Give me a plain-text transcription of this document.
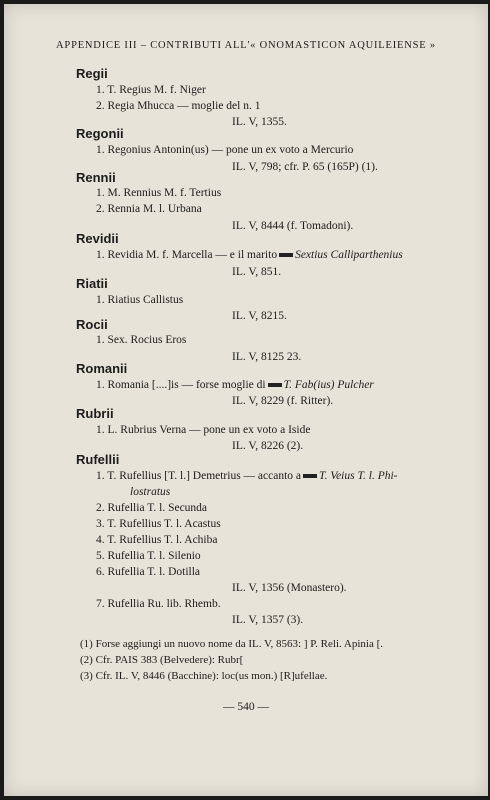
APPENDICE III – CONTRIBUTI ALL'« ONOMASTICON AQUILEIENSE »
Regii
1. T. Regius M. f. Niger
2. Regia Mhucca — moglie del n. 1
IL. V, 1355.
Regonii
1. Regonius Antonin(us) — pone un ex voto a Mercurio
IL. V, 798; cfr. P. 65 (165P) (1).
Rennii
1. M. Rennius M. f. Tertius
2. Rennia M. l. Urbana
IL. V, 8444 (f. Tomadoni).
Revidii
1. Revidia M. f. Marcella — e il marito Sextius Calliparthenius
IL. V, 851.
Riatii
1. Riatius Callistus
IL. V, 8215.
Rocii
1. Sex. Rocius Eros
IL. V, 8125 23.
Romanii
1. Romania [....]is — forse moglie di T. Fab(ius) Pulcher
IL. V, 8229 (f. Ritter).
Rubrii
1. L. Rubrius Verna — pone un ex voto a Iside
IL. V, 8226 (2).
Rufellii
1. T. Rufellius [T. l.] Demetrius — accanto a T. Veius T. l. Phi-
lostratus
2. Rufellia T. l. Secunda
3. T. Rufellius T. l. Acastus
4. T. Rufellius T. l. Achiba
5. Rufellia T. l. Silenio
6. Rufellia T. l. Dotilla
IL. V, 1356 (Monastero).
7. Rufellia Ru. lib. Rhemb.
IL. V, 1357 (3).
(1) Forse aggiungi un nuovo nome da IL. V, 8563: ] P. Reli. Apinia [.
(2) Cfr. PAIS 383 (Belvedere): Rubr[
(3) Cfr. IL. V, 8446 (Bacchine): loc(us mon.) [R]ufellae.
— 540 —
